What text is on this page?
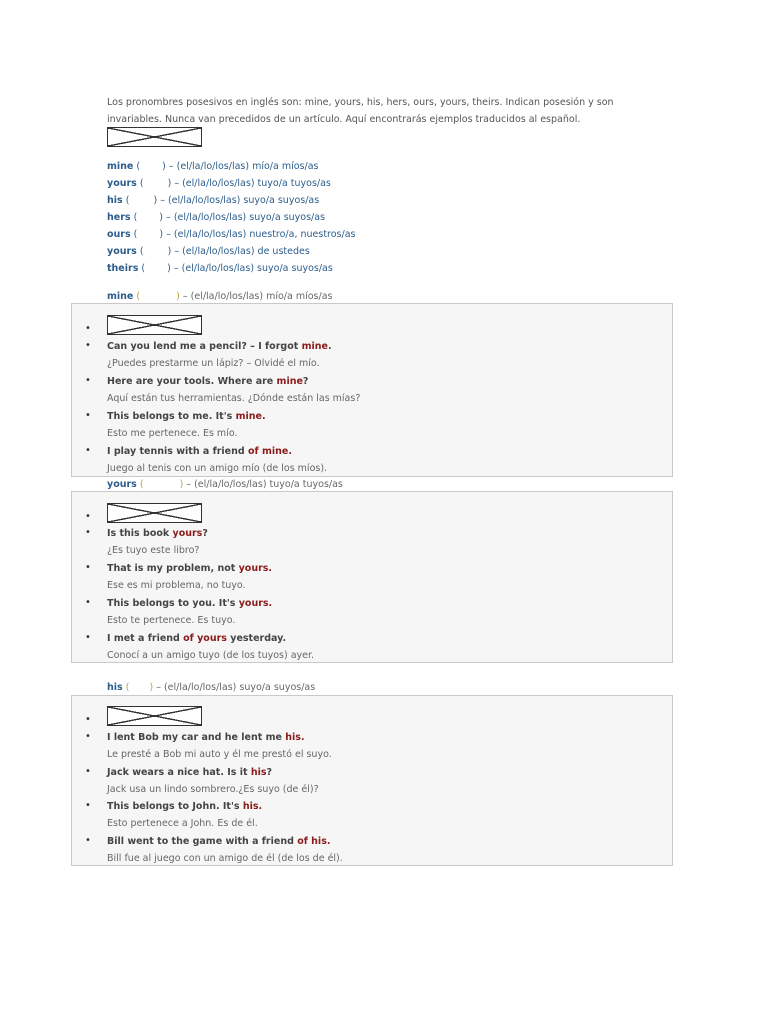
Los pronombres posesivos en inglés son: mine, yours, his, hers, ours, yours, theirs. Indican posesión y son
invariables. Nunca van precedidos de un artículo. Aquí encontrarás ejemplos traducidos al español.
mine ( ) – (el/la/lo/los/las) mío/a míos/as
yours (	) – (el/la/lo/los/las) tuyo/a tuyos/as
his (	) – (el/la/lo/los/las) suyo/a suyos/as
hers ( ) – (el/la/lo/los/las) suyo/a suyos/as
ours ( ) – (el/la/lo/los/las) nuestro/a, nuestros/as
yours (	) – (el/la/lo/los/las) de ustedes
theirs ( ) – (el/la/lo/los/las) suyo/a suyos/as
mine (	) – (el/la/lo/los/las) mío/a míos/as
•
• Can you lend me a pencil? – I forgot mine.
¿Puedes prestarme un lápiz? – Olvidé el mío.
• Here are your tools. Where are mine?
Aquí están tus herramientas. ¿Dónde están las mías?
• This belongs to me. It's mine.
Esto me pertenece. Es mío.
• I play tennis with a friend of mine.
Juego al tenis con un amigo mío (de los míos).
yours (	) – (el/la/lo/los/las) tuyo/a tuyos/as
•
• Is this book yours?
¿Es tuyo este libro?
• That is my problem, not yours.
Ese es mi problema, no tuyo.
• This belongs to you. It's yours.
Esto te pertenece. Es tuyo.
• I met a friend of yours yesterday.
Conocí a un amigo tuyo (de los tuyos) ayer.
his ( ) – (el/la/lo/los/las) suyo/a suyos/as
•
• I lent Bob my car and he lent me his.
Le presté a Bob mi auto y él me prestó el suyo.
• Jack wears a nice hat. Is it his?
Jack usa un lindo sombrero.¿Es suyo (de él)?
• This belongs to John. It's his.
Esto pertenece a John. Es de él.
• Bill went to the game with a friend of his.
Bill fue al juego con un amigo de él (de los de él).
